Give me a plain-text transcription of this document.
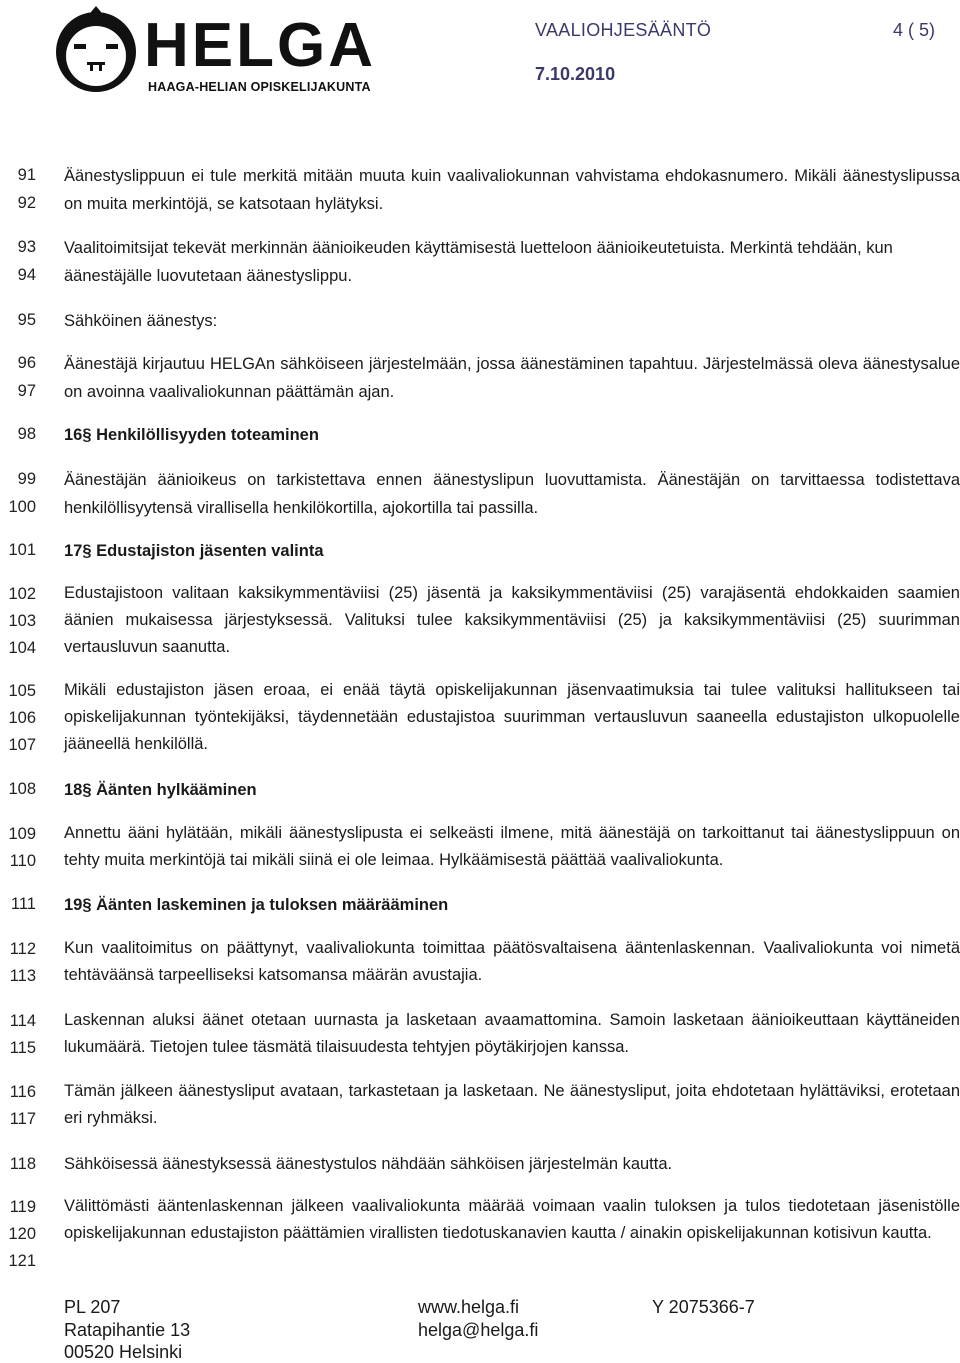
HELGA
HAAGA-HELIAN OPISKELIJAKUNTA
VAALIOHJESÄÄNTÖ	4 ( 5)
7.10.2010
91
92
Äänestyslippuun ei tule merkitä mitään muuta kuin vaalivaliokunnan vahvistama ehdokasnumero. Mikäli äänestyslipussa on muita merkintöjä, se katsotaan hylätyksi.
93
94
Vaalitoimitsijat tekevät merkinnän äänioikeuden käyttämisestä luetteloon äänioikeutetuista. Merkintä tehdään, kun äänestäjälle luovutetaan äänestyslippu.
95 Sähköinen äänestys:
96
97
Äänestäjä kirjautuu HELGAn sähköiseen järjestelmään, jossa äänestäminen tapahtuu. Järjestelmässä oleva äänestysalue on avoinna vaalivaliokunnan päättämän ajan.
98 16§ Henkilöllisyyden toteaminen
99
100
Äänestäjän äänioikeus on tarkistettava ennen äänestyslipun luovuttamista. Äänestäjän on tarvittaessa todistettava henkilöllisyytensä virallisella henkilökortilla, ajokortilla tai passilla.
101 17§ Edustajiston jäsenten valinta
102
103
104
Edustajistoon valitaan kaksikymmentäviisi (25) jäsentä ja kaksikymmentäviisi (25) varajäsentä ehdokkaiden saamien äänien mukaisessa järjestyksessä. Valituksi tulee kaksikymmentäviisi (25) ja kaksikymmentäviisi (25) suurimman vertausluvun saanutta.
105
106
107
Mikäli edustajiston jäsen eroaa, ei enää täytä opiskelijakunnan jäsenvaatimuksia tai tulee valituksi hallitukseen tai opiskelijakunnan työntekijäksi, täydennetään edustajistoa suurimman vertausluvun saaneella edustajiston ulkopuolelle jääneellä henkilöllä.
108 18§ Äänten hylkääminen
109
110
Annettu ääni hylätään, mikäli äänestyslipusta ei selkeästi ilmene, mitä äänestäjä on tarkoittanut tai äänestyslippuun on tehty muita merkintöjä tai mikäli siinä ei ole leimaa. Hylkäämisestä päättää vaalivaliokunta.
111 19§ Äänten laskeminen ja tuloksen määrääminen
112
113
Kun vaalitoimitus on päättynyt, vaalivaliokunta toimittaa päätösvaltaisena ääntenlaskennan. Vaalivaliokunta voi nimetä tehtäväänsä tarpeelliseksi katsomansa määrän avustajia.
114
115
Laskennan aluksi äänet otetaan uurnasta ja lasketaan avaamattomina. Samoin lasketaan äänioikeuttaan käyttäneiden lukumäärä. Tietojen tulee täsmätä tilaisuudesta tehtyjen pöytäkirjojen kanssa.
116
117
Tämän jälkeen äänestysliput avataan, tarkastetaan ja lasketaan. Ne äänestysliput, joita ehdotetaan hylättäviksi, erotetaan eri ryhmäksi.
118 Sähköisessä äänestyksessä äänestystulos nähdään sähköisen järjestelmän kautta.
119
120
121
Välittömästi ääntenlaskennan jälkeen vaalivaliokunta määrää voimaan vaalin tuloksen ja tulos tiedotetaan jäsenistölle opiskelijakunnan edustajiston päättämien virallisten tiedotuskanavien kautta / ainakin opiskelijakunnan kotisivun kautta.
PL 207
Ratapihantie 13
00520 Helsinki
www.helga.fi
helga@helga.fi
Y 2075366-7
